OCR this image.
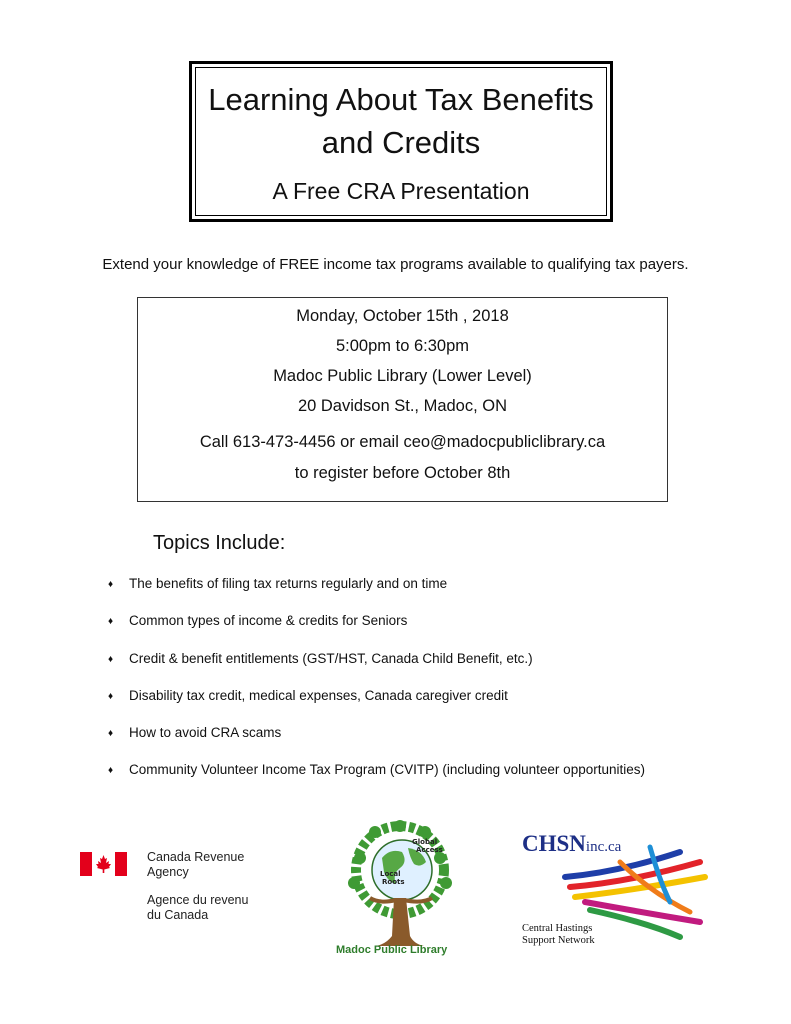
Learning About Tax Benefits
and Credits
A Free CRA Presentation
Extend your knowledge of FREE income tax programs available to qualifying tax payers.
Monday, October 15th , 2018
5:00pm to 6:30pm
Madoc Public Library (Lower Level)
20 Davidson St., Madoc, ON
Call 613-473-4456 or email ceo@madocpubliclibrary.ca
to register before October 8th
Topics Include:
♦ The benefits of filing tax returns regularly and on time
♦ Common types of income & credits for Seniors
♦ Credit & benefit entitlements (GST/HST, Canada Child Benefit, etc.)
♦ Disability tax credit, medical expenses, Canada caregiver credit
♦ How to avoid CRA scams
♦ Community Volunteer Income Tax Program (CVITP) (including volunteer opportunities)
Canada Revenue
Agency
Agence du revenu
du Canada
Global
Access
Local
Roots
Madoc Public Library
CHSNinc.ca
Central Hastings
Support Network
